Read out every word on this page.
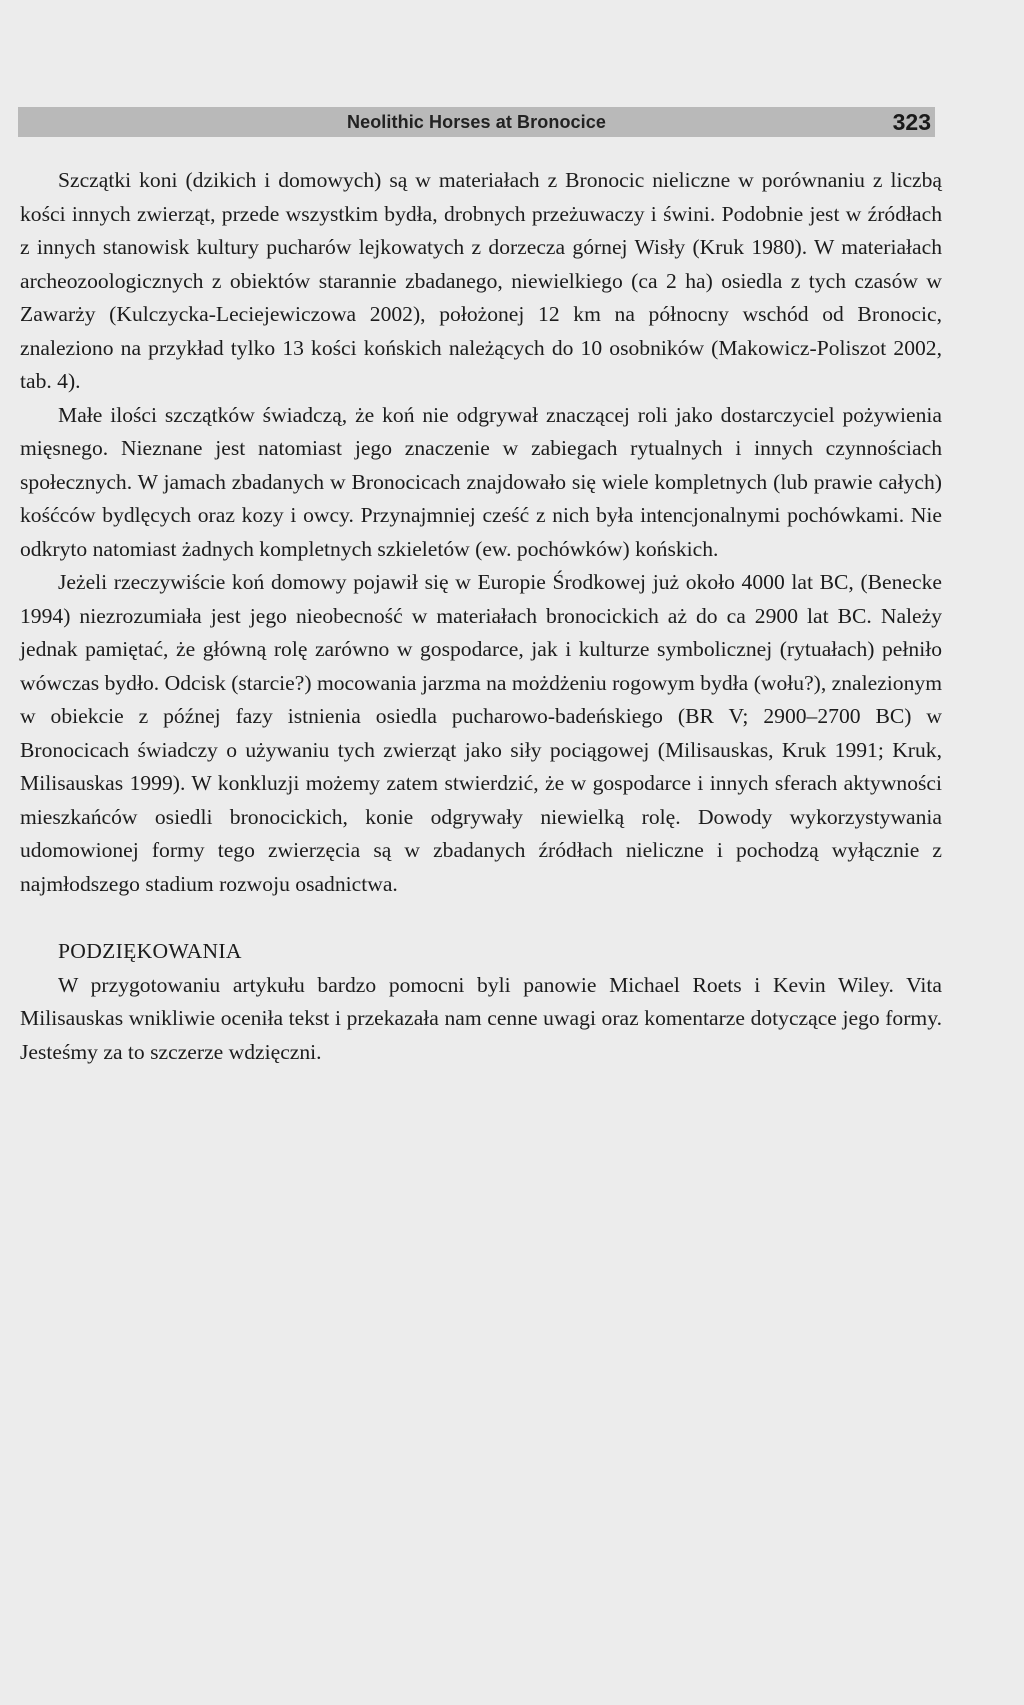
Neolithic Horses at Bronocice	323

Szczątki koni (dzikich i domowych) są w materiałach z Bronocic nieliczne w porównaniu z liczbą kości innych zwierząt, przede wszystkim bydła, drobnych przeżuwaczy i świni. Podobnie jest w źródłach z innych stanowisk kultury pucharów lejkowatych z dorzecza górnej Wisły (Kruk 1980). W materiałach archeozoologicznych z obiektów starannie zbadanego, niewielkiego (ca 2 ha) osiedla z tych czasów w Zawarży (Kulczycka-Leciejewiczowa 2002), położonej 12 km na północny wschód od Bronocic, znaleziono na przykład tylko 13 kości końskich należących do 10 osobników (Makowicz-Poliszot 2002, tab. 4).

Małe ilości szczątków świadczą, że koń nie odgrywał znaczącej roli jako dostarczyciel pożywienia mięsnego. Nieznane jest natomiast jego znaczenie w zabiegach rytualnych i innych czynnościach społecznych. W jamach zbadanych w Bronocicach znajdowało się wiele kompletnych (lub prawie całych) kośćców bydlęcych oraz kozy i owcy. Przynajmniej cześć z nich była intencjonalnymi pochówkami. Nie odkryto natomiast żadnych kompletnych szkieletów (ew. pochówków) końskich.

Jeżeli rzeczywiście koń domowy pojawił się w Europie Środkowej już około 4000 lat BC, (Benecke 1994) niezrozumiała jest jego nieobecność w materiałach bronocickich aż do ca 2900 lat BC. Należy jednak pamiętać, że główną rolę zarówno w gospodarce, jak i kulturze symbolicznej (rytuałach) pełniło wówczas bydło. Odcisk (starcie?) mocowania jarzma na możdżeniu rogowym bydła (wołu?), znalezionym w obiekcie z późnej fazy istnienia osiedla pucharowo-badeńskiego (BR V; 2900–2700 BC) w Bronocicach świadczy o używaniu tych zwierząt jako siły pociągowej (Milisauskas, Kruk 1991; Kruk, Milisauskas 1999). W konkluzji możemy zatem stwierdzić, że w gospodarce i innych sferach aktywności mieszkańców osiedli bronocickich, konie odgrywały niewielką rolę. Dowody wykorzystywania udomowionej formy tego zwierzęcia są w zbadanych źródłach nieliczne i pochodzą wyłącznie z najmłodszego stadium rozwoju osadnictwa.

PODZIĘKOWANIA

W przygotowaniu artykułu bardzo pomocni byli panowie Michael Roets i Kevin Wiley. Vita Milisauskas wnikliwie oceniła tekst i przekazała nam cenne uwagi oraz komentarze dotyczące jego formy. Jesteśmy za to szczerze wdzięczni.
